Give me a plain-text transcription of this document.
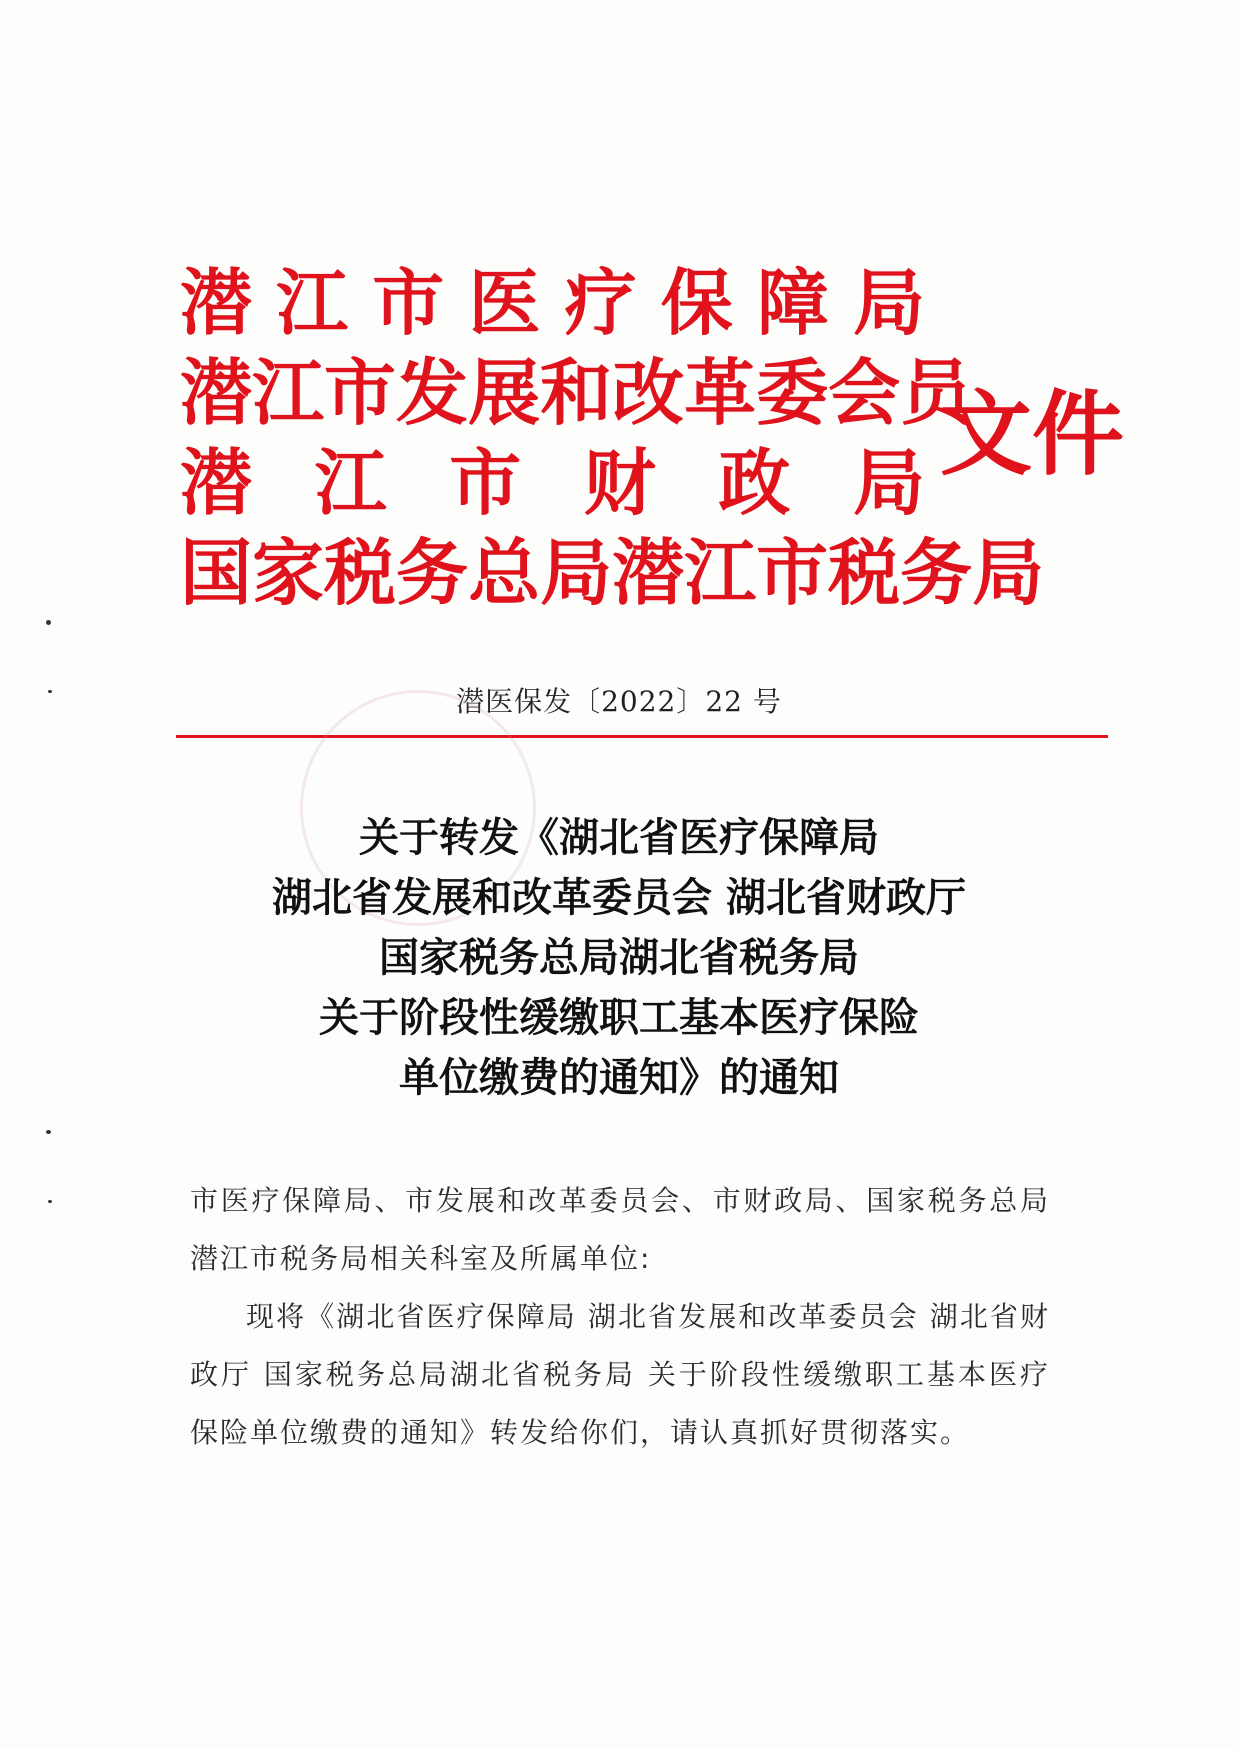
潜 江 市 医 疗 保 障 局
潜 江 市 发 展 和 改 革 委 会 员
潜 江 市 财 政 局
国 家 税 务 总 局 潜 江 市 税 务 局
文件
潜医保发〔2022〕22 号
关于转发《湖北省医疗保障局
湖北省发展和改革委员会 湖北省财政厅
国家税务总局湖北省税务局
关于阶段性缓缴职工基本医疗保险
单位缴费的通知》的通知

市医疗保障局、市发展和改革委员会、市财政局、国家税务总局潜江市税务局相关科室及所属单位:

现将《湖北省医疗保障局 湖北省发展和改革委员会 湖北省财政厅 国家税务总局湖北省税务局 关于阶段性缓缴职工基本医疗保险单位缴费的通知》转发给你们，请认真抓好贯彻落实。
